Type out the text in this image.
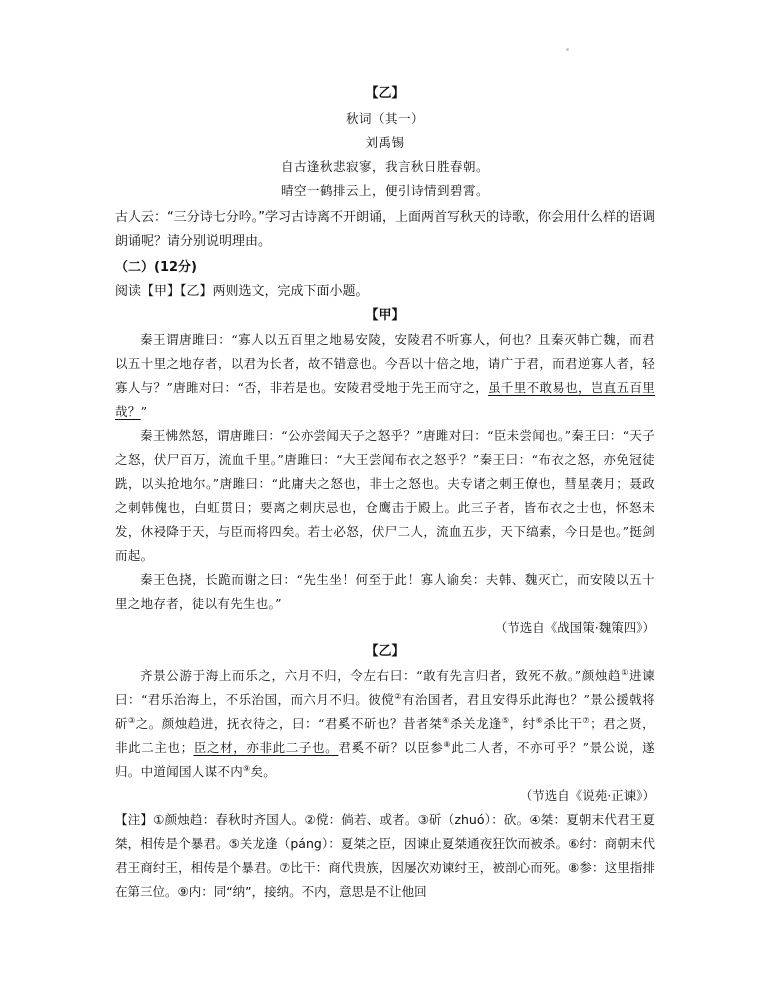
【乙】

秋词（其一）

刘禹锡

自古逢秋悲寂寥，我言秋日胜春朝。

晴空一鹤排云上，便引诗情到碧霄。

古人云：“三分诗七分吟。”学习古诗离不开朗诵，上面两首写秋天的诗歌，你会用什么样的语调朗诵呢？请分别说明理由。

（二）(12分)

阅读【甲】【乙】两则选文，完成下面小题。

【甲】

秦王谓唐雎曰：“寡人以五百里之地易安陵，安陵君不听寡人，何也？且秦灭韩亡魏，而君以五十里之地存者，以君为长者，故不错意也。今吾以十倍之地，请广于君，而君逆寡人者，轻寡人与？”唐雎对曰：“否，非若是也。安陵君受地于先王而守之，虽千里不敢易也，岂直五百里哉？”

秦王怫然怒，谓唐雎曰：“公亦尝闻天子之怒乎？”唐雎对曰：“臣未尝闻也。”秦王曰：“天子之怒，伏尸百万，流血千里。”唐雎曰：“大王尝闻布衣之怒乎？”秦王曰：“布衣之怒，亦免冠徒跣，以头抢地尔。”唐雎曰：“此庸夫之怒也，非士之怒也。夫专诸之刺王僚也，彗星袭月；聂政之刺韩傀也，白虹贯日；要离之刺庆忌也，仓鹰击于殿上。此三子者，皆布衣之士也，怀怒未发，休祲降于天，与臣而将四矣。若士必怒，伏尸二人，流血五步，天下缟素，今日是也。”挺剑而起。

秦王色挠，长跪而谢之曰：“先生坐！何至于此！寡人谕矣：夫韩、魏灭亡，而安陵以五十里之地存者，徒以有先生也。”

（节选自《战国策·魏策四》）

【乙】

齐景公游于海上而乐之，六月不归，令左右曰：“敢有先言归者，致死不赦。”颜烛趋①进谏曰：“君乐治海上，不乐治国，而六月不归。彼傥②有治国者，君且安得乐此海也？”景公援戟将斫③之。颜烛趋进，抚衣待之，曰：“君奚不斫也？昔者桀④杀关龙逢⑤，纣⑥杀比干⑦；君之贤，非此二主也；臣之材，亦非此二子也。君奚不斫？以臣参⑧此二人者，不亦可乎？”景公说，遂归。中道闻国人谋不内⑨矣。

（节选自《说苑·正谏》）

【注】①颜烛趋：春秋时齐国人。②傥：倘若、或者。③斫（zhuó）：砍。④桀：夏朝末代君王夏桀，相传是个暴君。⑤关龙逢（páng）：夏桀之臣，因谏止夏桀通夜狂饮而被杀。⑥纣：商朝末代君王商纣王，相传是个暴君。⑦比干：商代贵族，因屡次劝谏纣王，被剖心而死。⑧参：这里指排在第三位。⑨内：同“纳”，接纳。不内，意思是不让他回
